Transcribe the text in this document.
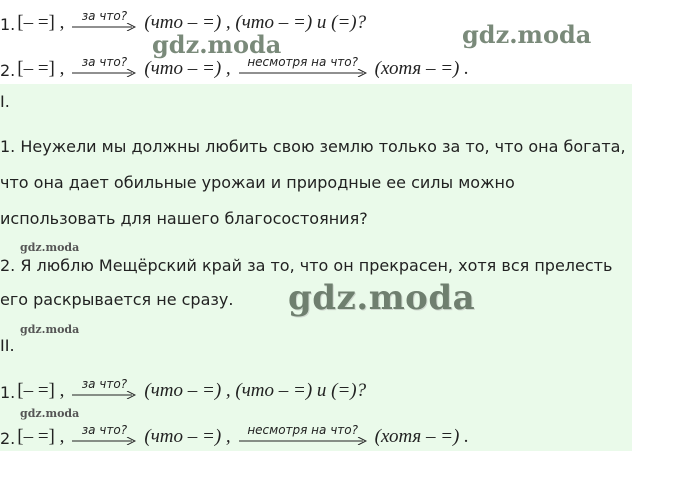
1. [– =] , за что? (что – =) , (что – =) и (=)?
2. [– =] , за что? (что – =) , несмотря на что? (хотя – =) .
I.
1. Неужели мы должны любить свою землю только за то, что она богата,
что она дает обильные урожаи и природные ее силы можно
использовать для нашего благосостояния?
2. Я люблю Мещёрский край за то, что он прекрасен, хотя вся прелесть
его раскрывается не сразу.
II.
1. [– =] , за что? (что – =) , (что – =) и (=)?
2. [– =] , за что? (что – =) , несмотря на что? (хотя – =) .
gdz.moda	gdz.moda
gdz.moda
gdz.moda
gdz.moda
gdz.moda
